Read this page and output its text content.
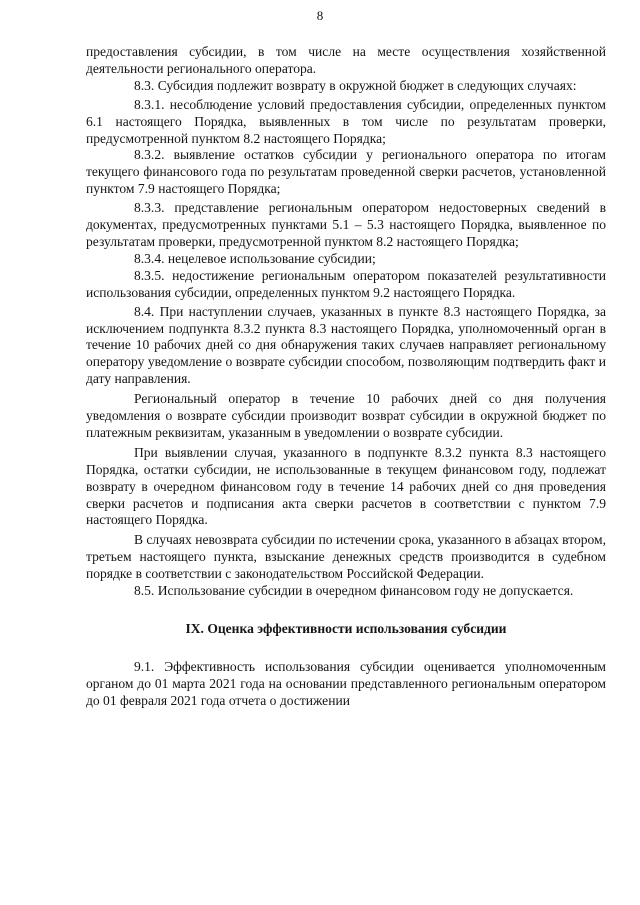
8

предоставления субсидии, в том числе на месте осуществления хозяйственной деятельности регионального оператора.

8.3. Субсидия подлежит возврату в окружной бюджет в следующих случаях:

8.3.1. несоблюдение условий предоставления субсидии, определенных пунктом 6.1 настоящего Порядка, выявленных в том числе по результатам проверки, предусмотренной пунктом 8.2 настоящего Порядка;

8.3.2. выявление остатков субсидии у регионального оператора по итогам текущего финансового года по результатам проведенной сверки расчетов, установленной пунктом 7.9 настоящего Порядка;

8.3.3. представление региональным оператором недостоверных сведений в документах, предусмотренных пунктами 5.1 – 5.3 настоящего Порядка, выявленное по результатам проверки, предусмотренной пунктом 8.2 настоящего Порядка;

8.3.4. нецелевое использование субсидии;

8.3.5. недостижение региональным оператором показателей результативности использования субсидии, определенных пунктом 9.2 настоящего Порядка.

8.4. При наступлении случаев, указанных в пункте 8.3 настоящего Порядка, за исключением подпункта 8.3.2 пункта 8.3 настоящего Порядка, уполномоченный орган в течение 10 рабочих дней со дня обнаружения таких случаев направляет региональному оператору уведомление о возврате субсидии способом, позволяющим подтвердить факт и дату направления.

Региональный оператор в течение 10 рабочих дней со дня получения уведомления о возврате субсидии производит возврат субсидии в окружной бюджет по платежным реквизитам, указанным в уведомлении о возврате субсидии.

При выявлении случая, указанного в подпункте 8.3.2 пункта 8.3 настоящего Порядка, остатки субсидии, не использованные в текущем финансовом году, подлежат возврату в очередном финансовом году в течение 14 рабочих дней со дня проведения сверки расчетов и подписания акта сверки расчетов в соответствии с пунктом 7.9 настоящего Порядка.

В случаях невозврата субсидии по истечении срока, указанного в абзацах втором, третьем настоящего пункта, взыскание денежных средств производится в судебном порядке в соответствии с законодательством Российской Федерации.

8.5. Использование субсидии в очередном финансовом году не допускается.

IX. Оценка эффективности использования субсидии

9.1. Эффективность использования субсидии оценивается уполномоченным органом до 01 марта 2021 года на основании представленного региональным оператором до 01 февраля 2021 года отчета о достижении
